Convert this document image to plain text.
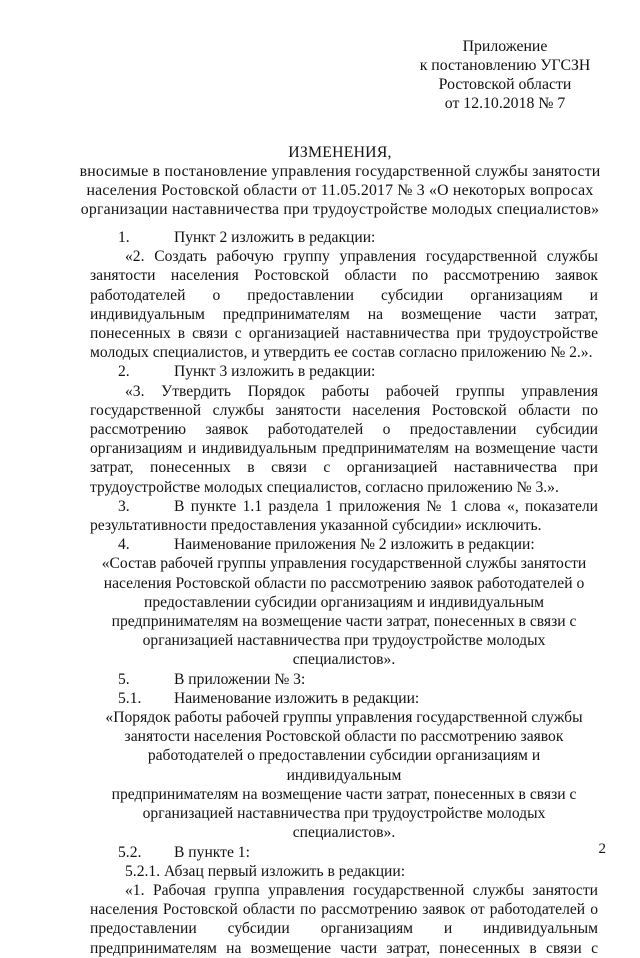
Приложение
к постановлению УГСЗН
Ростовской области
от 12.10.2018 № 7
ИЗМЕНЕНИЯ,
вносимые в постановление управления государственной службы занятости
населения Ростовской области от 11.05.2017 № 3 «О некоторых вопросах
организации наставничества при трудоустройстве молодых специалистов»

1.	Пункт 2 изложить в редакции:

«2. Создать рабочую группу управления государственной службы занятости населения Ростовской области по рассмотрению заявок работодателей о предоставлении субсидии организациям и индивидуальным предпринимателям на возмещение части затрат, понесенных в связи с организацией наставничества при трудоустройстве молодых специалистов, и утвердить ее состав согласно приложению № 2.».

2.	Пункт 3 изложить в редакции:

«3. Утвердить Порядок работы рабочей группы управления государственной службы занятости населения Ростовской области по рассмотрению заявок работодателей о предоставлении субсидии организациям и индивидуальным предпринимателям на возмещение части затрат, понесенных в связи с организацией наставничества при трудоустройстве молодых специалистов, согласно приложению № 3.».

3.	В пункте 1.1 раздела 1 приложения № 1 слова «, показатели результативности предоставления указанной субсидии» исключить.

4.	Наименование приложения № 2 изложить в редакции:

«Состав рабочей группы управления государственной службы занятости
населения Ростовской области по рассмотрению заявок работодателей о
предоставлении субсидии организациям и индивидуальным
предпринимателям на возмещение части затрат, понесенных в связи с
организацией наставничества при трудоустройстве молодых специалистов».

5.	В приложении № 3:

5.1. Наименование изложить в редакции:

«Порядок работы рабочей группы управления государственной службы
занятости населения Ростовской области по рассмотрению заявок
работодателей о предоставлении субсидии организациям и индивидуальным
предпринимателям на возмещение части затрат, понесенных в связи с
организацией наставничества при трудоустройстве молодых специалистов».

5.2. В пункте 1:

5.2.1. Абзац первый изложить в редакции:

«1. Рабочая группа управления государственной службы занятости населения Ростовской области по рассмотрению заявок от работодателей о предоставлении субсидии организациям и индивидуальным предпринимателям на возмещение части затрат, понесенных в связи с

2
